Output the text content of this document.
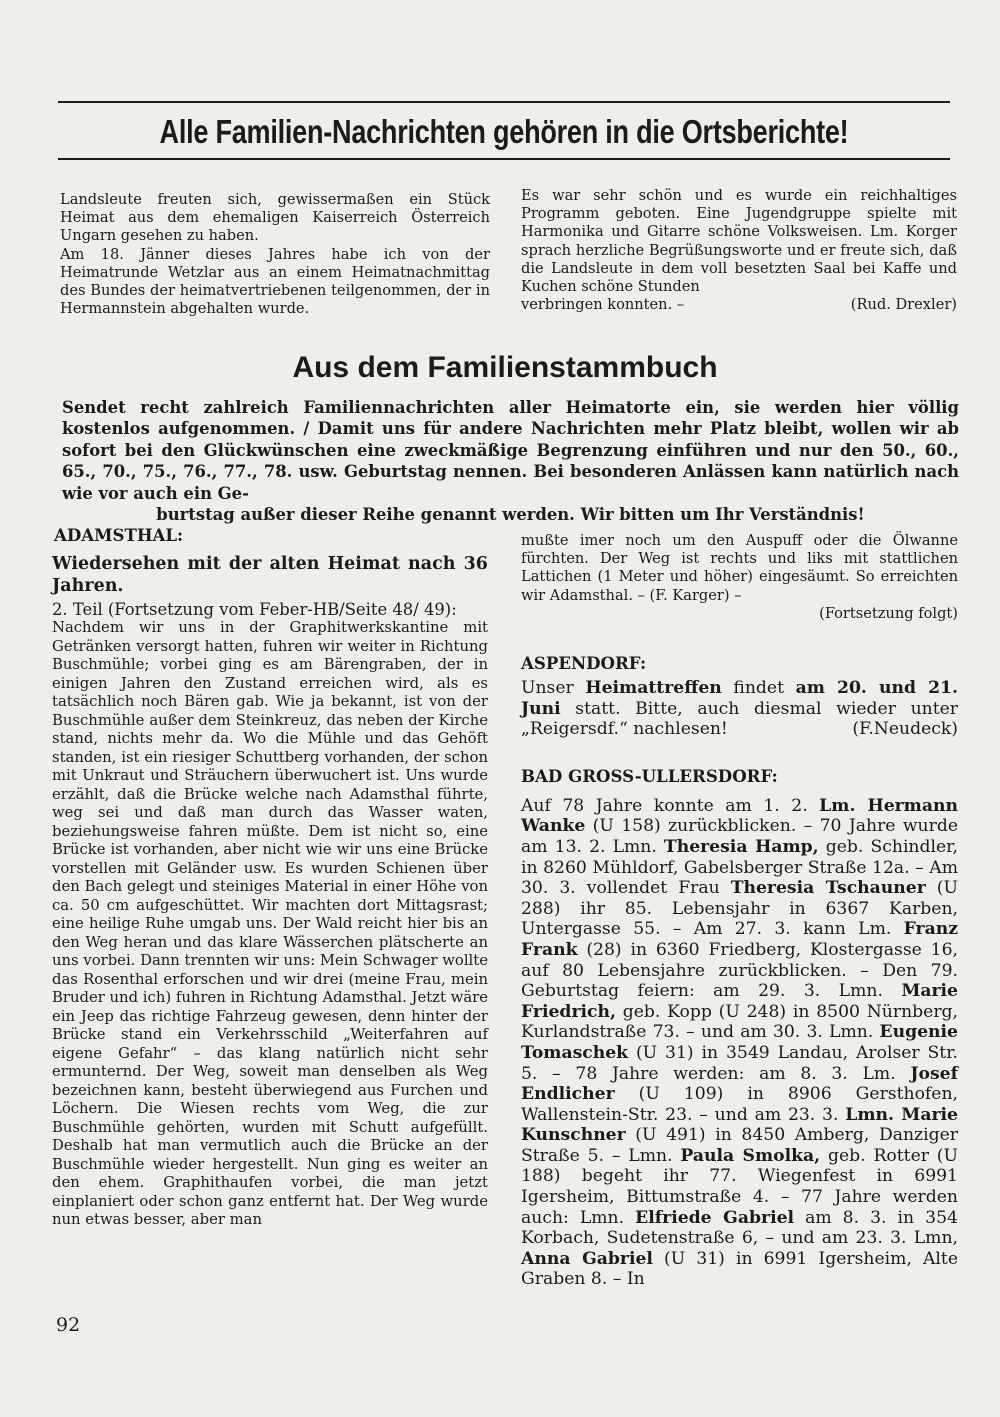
Alle Familien-Nachrichten gehören in die Ortsberichte!

Landsleute freuten sich, gewissermaßen ein Stück Heimat aus dem ehemaligen Kaiserreich Österreich Ungarn gesehen zu haben.

Am 18. Jänner dieses Jahres habe ich von der Heimatrunde Wetzlar aus an einem Heimatnachmittag des Bundes der heimatvertriebenen teilgenommen, der in Hermannstein abgehalten wurde.

Es war sehr schön und es wurde ein reichhaltiges Programm geboten. Eine Jugendgruppe spielte mit Harmonika und Gitarre schöne Volksweisen. Lm. Korger sprach herzliche Begrüßungsworte und er freute sich, daß die Landsleute in dem voll besetzten Saal bei Kaffe und Kuchen schöne Stunden

verbringen konnten. –	(Rud. Drexler)
Aus dem Familienstammbuch
Sendet recht zahlreich Familiennachrichten aller Heimatorte ein, sie werden hier völlig kostenlos aufgenommen. / Damit uns für andere Nachrichten mehr Platz bleibt, wollen wir ab sofort bei den Glückwünschen eine zweckmäßige Begrenzung einführen und nur den 50., 60., 65., 70., 75., 76., 77., 78. usw. Geburtstag nennen. Bei besonderen Anlässen kann natürlich nach wie vor auch ein Ge-
burtstag außer dieser Reihe genannt werden. Wir bitten um Ihr Verständnis!

ADAMSTHAL:

Wiedersehen mit der alten Heimat nach 36 Jahren.

2. Teil (Fortsetzung vom Feber-HB/Seite 48/ 49):

Nachdem wir uns in der Graphitwerkskantine mit Getränken versorgt hatten, fuhren wir weiter in Richtung Buschmühle; vorbei ging es am Bärengraben, der in einigen Jahren den Zustand erreichen wird, als es tatsächlich noch Bären gab. Wie ja bekannt, ist von der Buschmühle außer dem Steinkreuz, das neben der Kirche stand, nichts mehr da. Wo die Mühle und das Gehöft standen, ist ein riesiger Schuttberg vorhanden, der schon mit Unkraut und Sträuchern überwuchert ist. Uns wurde erzählt, daß die Brücke welche nach Adamsthal führte, weg sei und daß man durch das Wasser waten, beziehungsweise fahren müßte. Dem ist nicht so, eine Brücke ist vorhanden, aber nicht wie wir uns eine Brücke vorstellen mit Geländer usw. Es wurden Schienen über den Bach gelegt und steiniges Material in einer Höhe von ca. 50 cm aufgeschüttet. Wir machten dort Mittagsrast; eine heilige Ruhe umgab uns. Der Wald reicht hier bis an den Weg heran und das klare Wässerchen plätscherte an uns vorbei. Dann trennten wir uns: Mein Schwager wollte das Rosenthal erforschen und wir drei (meine Frau, mein Bruder und ich) fuhren in Richtung Adamsthal. Jetzt wäre ein Jeep das richtige Fahrzeug gewesen, denn hinter der Brücke stand ein Verkehrsschild „Weiterfahren auf eigene Gefahr“ – das klang natürlich nicht sehr ermunternd. Der Weg, soweit man denselben als Weg bezeichnen kann, besteht überwiegend aus Furchen und Löchern. Die Wiesen rechts vom Weg, die zur Buschmühle gehörten, wurden mit Schutt aufgefüllt. Deshalb hat man vermutlich auch die Brücke an der Buschmühle wieder hergestellt. Nun ging es weiter an den ehem. Graphithaufen vorbei, die man jetzt einplaniert oder schon ganz entfernt hat. Der Weg wurde nun etwas besser, aber man

mußte imer noch um den Auspuff oder die Ölwanne fürchten. Der Weg ist rechts und liks mit stattlichen Lattichen (1 Meter und höher) eingesäumt. So erreichten wir Adamsthal. – (F. Karger) –

(Fortsetzung folgt)

ASPENDORF:

Unser Heimattreffen findet am 20. und 21. Juni statt. Bitte, auch diesmal wieder unter „Reigersdf.“ nachlesen!	(F.Neudeck)

BAD GROSS-ULLERSDORF:

Auf 78 Jahre konnte am 1. 2. Lm. Hermann Wanke (U 158) zurückblicken. – 70 Jahre wurde am 13. 2. Lmn. Theresia Hamp, geb. Schindler, in 8260 Mühldorf, Gabelsberger Straße 12a. – Am 30. 3. vollendet Frau Theresia Tschauner (U 288) ihr 85. Lebensjahr in 6367 Karben, Untergasse 55. – Am 27. 3. kann Lm. Franz Frank (28) in 6360 Friedberg, Klostergasse 16, auf 80 Lebensjahre zurückblicken. – Den 79. Geburtstag feiern: am 29. 3. Lmn. Marie Friedrich, geb. Kopp (U 248) in 8500 Nürnberg, Kurlandstraße 73. – und am 30. 3. Lmn. Eugenie Tomaschek (U 31) in 3549 Landau, Arolser Str. 5. – 78 Jahre werden: am 8. 3. Lm. Josef Endlicher (U 109) in 8906 Gersthofen, Wallenstein-Str. 23. – und am 23. 3. Lmn. Marie Kunschner (U 491) in 8450 Amberg, Danziger Straße 5. – Lmn. Paula Smolka, geb. Rotter (U 188) begeht ihr 77. Wiegenfest in 6991 Igersheim, Bittumstraße 4. – 77 Jahre werden auch: Lmn. Elfriede Gabriel am 8. 3. in 354 Korbach, Sudetenstraße 6, – und am 23. 3. Lmn, Anna Gabriel (U 31) in 6991 Igersheim, Alte Graben 8. – In

92
